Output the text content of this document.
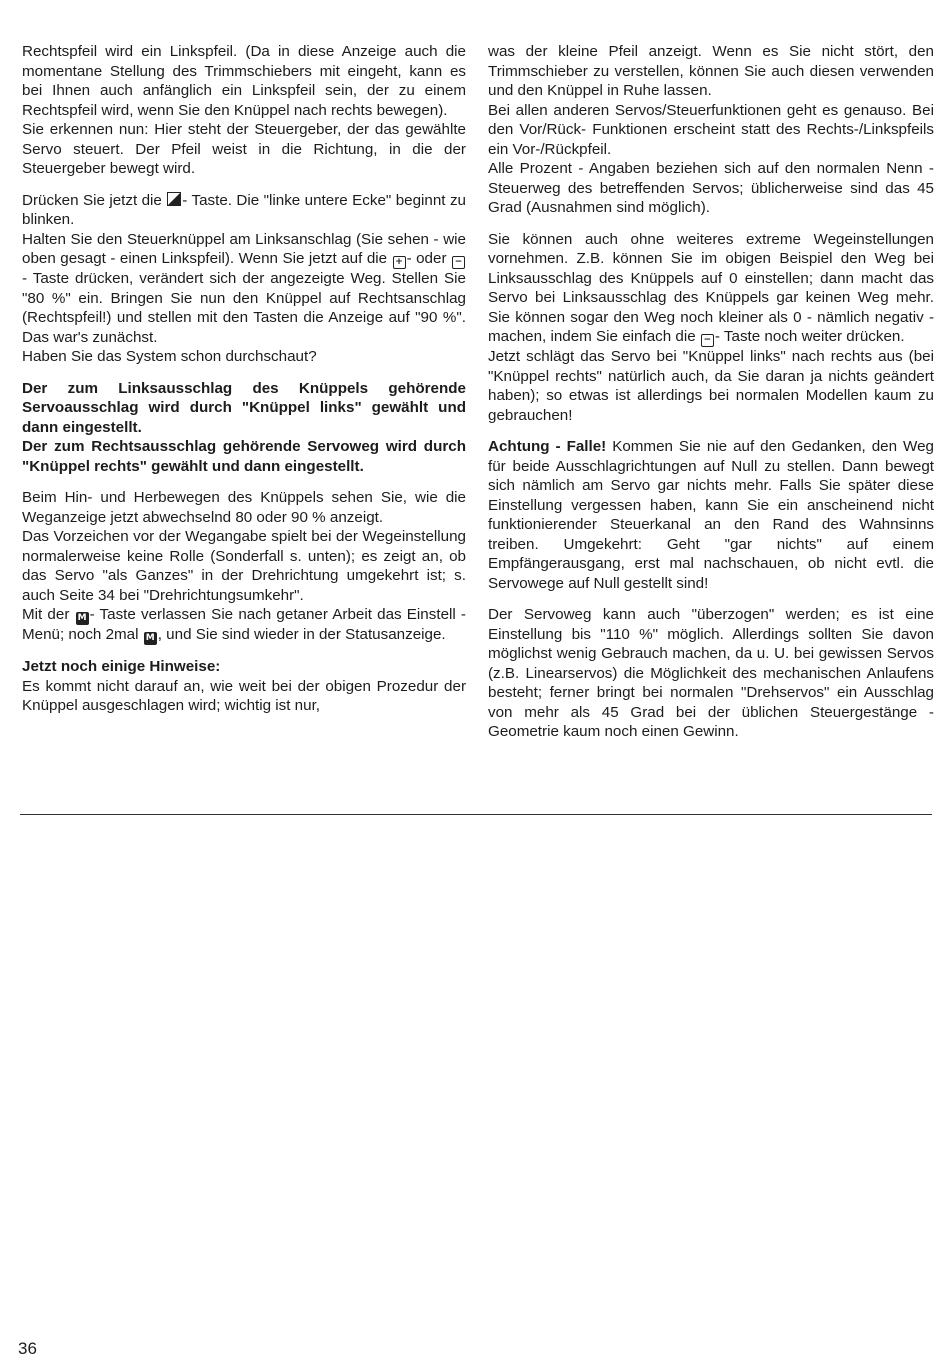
Rechtspfeil wird ein Linkspfeil. (Da in diese Anzeige auch die momentane Stellung des Trimmschiebers mit eingeht, kann es bei Ihnen auch anfänglich ein Linkspfeil sein, der zu einem Rechtspfeil wird, wenn Sie den Knüppel nach rechts bewegen).

Sie erkennen nun: Hier steht der Steuergeber, der das gewählte Servo steuert. Der Pfeil weist in die Richtung, in die der Steuergeber bewegt wird.

Drücken Sie jetzt die - Taste. Die "linke untere Ecke" beginnt zu blinken.

Halten Sie den Steuerknüppel am Linksanschlag (Sie sehen - wie oben gesagt - einen Linkspfeil). Wenn Sie jetzt auf die + - oder −- Taste drücken, verändert sich der angezeigte Weg. Stellen Sie "80 %" ein. Bringen Sie nun den Knüppel auf Rechtsanschlag (Rechtspfeil!) und stellen mit den Tasten die Anzeige auf "90 %". Das war's zunächst.

Haben Sie das System schon durchschaut?

Der zum Linksausschlag des Knüppels gehörende Servoausschlag wird durch "Knüppel links" gewählt und dann eingestellt.

Der zum Rechtsausschlag gehörende Servoweg wird durch "Knüppel rechts" gewählt und dann eingestellt.

Beim Hin- und Herbewegen des Knüppels sehen Sie, wie die Weganzeige jetzt abwechselnd 80 oder 90 % anzeigt.

Das Vorzeichen vor der Wegangabe spielt bei der Wegeinstellung normalerweise keine Rolle (Sonderfall s. unten); es zeigt an, ob das Servo "als Ganzes" in der Drehrichtung umgekehrt ist; s. auch Seite 34 bei "Drehrichtungsumkehr".

Mit der M - Taste verlassen Sie nach getaner Arbeit das Einstell - Menü; noch 2mal M , und Sie sind wieder in der Statusanzeige.

Jetzt noch einige Hinweise:

Es kommt nicht darauf an, wie weit bei der obigen Prozedur der Knüppel ausgeschlagen wird; wichtig ist nur,

was der kleine Pfeil anzeigt. Wenn es Sie nicht stört, den Trimmschieber zu verstellen, können Sie auch diesen verwenden und den Knüppel in Ruhe lassen.

Bei allen anderen Servos/Steuerfunktionen geht es genauso. Bei den Vor/Rück- Funktionen erscheint statt des Rechts-/Linkspfeils ein Vor-/Rückpfeil.

Alle Prozent - Angaben beziehen sich auf den normalen Nenn - Steuerweg des betreffenden Servos; üblicherweise sind das 45 Grad (Ausnahmen sind möglich).

Sie können auch ohne weiteres extreme Wegeinstellungen vornehmen. Z.B. können Sie im obigen Beispiel den Weg bei Linksausschlag des Knüppels auf 0 einstellen; dann macht das Servo bei Linksausschlag des Knüppels gar keinen Weg mehr. Sie können sogar den Weg noch kleiner als 0 - nämlich negativ - machen, indem Sie einfach die − - Taste noch weiter drücken.

Jetzt schlägt das Servo bei "Knüppel links" nach rechts aus (bei "Knüppel rechts" natürlich auch, da Sie daran ja nichts geändert haben); so etwas ist allerdings bei normalen Modellen kaum zu gebrauchen!

Achtung - Falle! Kommen Sie nie auf den Gedanken, den Weg für beide Ausschlagrichtungen auf Null zu stellen. Dann bewegt sich nämlich am Servo gar nichts mehr. Falls Sie später diese Einstellung vergessen haben, kann Sie ein anscheinend nicht funktionierender Steuerkanal an den Rand des Wahnsinns treiben. Umgekehrt: Geht "gar nichts" auf einem Empfängerausgang, erst mal nachschauen, ob nicht evtl. die Servowege auf Null gestellt sind!

Der Servoweg kann auch "überzogen" werden; es ist eine Einstellung bis "110 %" möglich. Allerdings sollten Sie davon möglichst wenig Gebrauch machen, da u. U. bei gewissen Servos (z.B. Linearservos) die Möglichkeit des mechanischen Anlaufens besteht; ferner bringt bei normalen "Drehservos" ein Ausschlag von mehr als 45 Grad bei der üblichen Steuergestänge - Geometrie kaum noch einen Gewinn.

36
